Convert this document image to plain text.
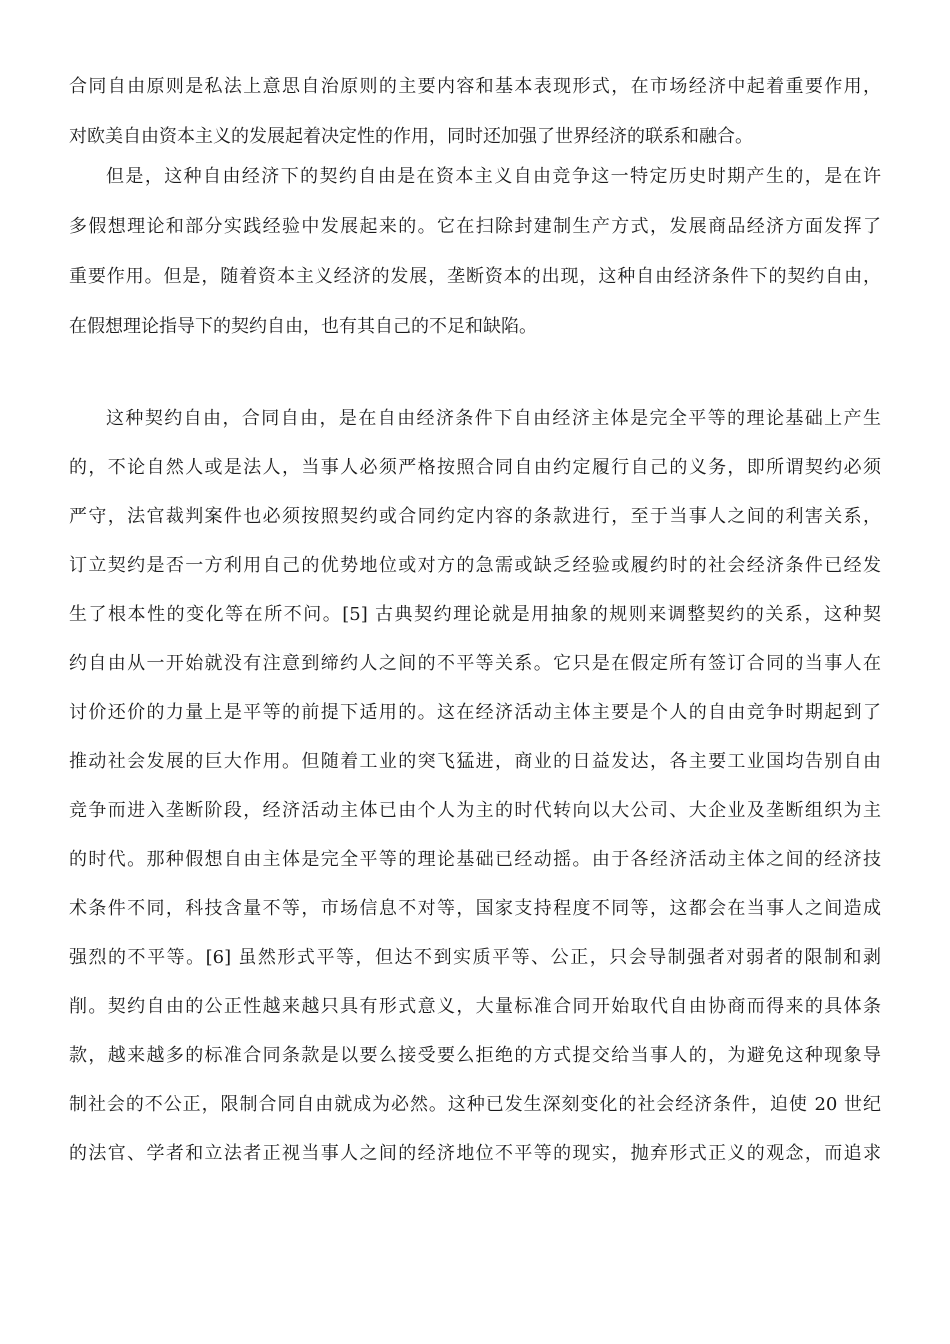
合同自由原则是私法上意思自治原则的主要内容和基本表现形式，在市场经济中起着重要作用，
对欧美自由资本主义的发展起着决定性的作用，同时还加强了世界经济的联系和融合。
但是，这种自由经济下的契约自由是在资本主义自由竞争这一特定历史时期产生的，是在许
多假想理论和部分实践经验中发展起来的。它在扫除封建制生产方式，发展商品经济方面发挥了
重要作用。但是，随着资本主义经济的发展，垄断资本的出现，这种自由经济条件下的契约自由，
在假想理论指导下的契约自由，也有其自己的不足和缺陷。
这种契约自由，合同自由，是在自由经济条件下自由经济主体是完全平等的理论基础上产生
的，不论自然人或是法人，当事人必须严格按照合同自由约定履行自己的义务，即所谓契约必须
严守，法官裁判案件也必须按照契约或合同约定内容的条款进行，至于当事人之间的利害关系，
订立契约是否一方利用自己的优势地位或对方的急需或缺乏经验或履约时的社会经济条件已经发
生了根本性的变化等在所不问。[5] 古典契约理论就是用抽象的规则来调整契约的关系，这种契
约自由从一开始就没有注意到缔约人之间的不平等关系。它只是在假定所有签订合同的当事人在
讨价还价的力量上是平等的前提下适用的。这在经济活动主体主要是个人的自由竞争时期起到了
推动社会发展的巨大作用。但随着工业的突飞猛进，商业的日益发达，各主要工业国均告别自由
竞争而进入垄断阶段，经济活动主体已由个人为主的时代转向以大公司、大企业及垄断组织为主
的时代。那种假想自由主体是完全平等的理论基础已经动摇。由于各经济活动主体之间的经济技
术条件不同，科技含量不等，市场信息不对等，国家支持程度不同等，这都会在当事人之间造成
强烈的不平等。[6] 虽然形式平等，但达不到实质平等、公正，只会导制强者对弱者的限制和剥
削。契约自由的公正性越来越只具有形式意义，大量标准合同开始取代自由协商而得来的具体条
款，越来越多的标准合同条款是以要么接受要么拒绝的方式提交给当事人的，为避免这种现象导
制社会的不公正，限制合同自由就成为必然。这种已发生深刻变化的社会经济条件，迫使 20 世纪
的法官、学者和立法者正视当事人之间的经济地位不平等的现实，抛弃形式正义的观念，而追求
